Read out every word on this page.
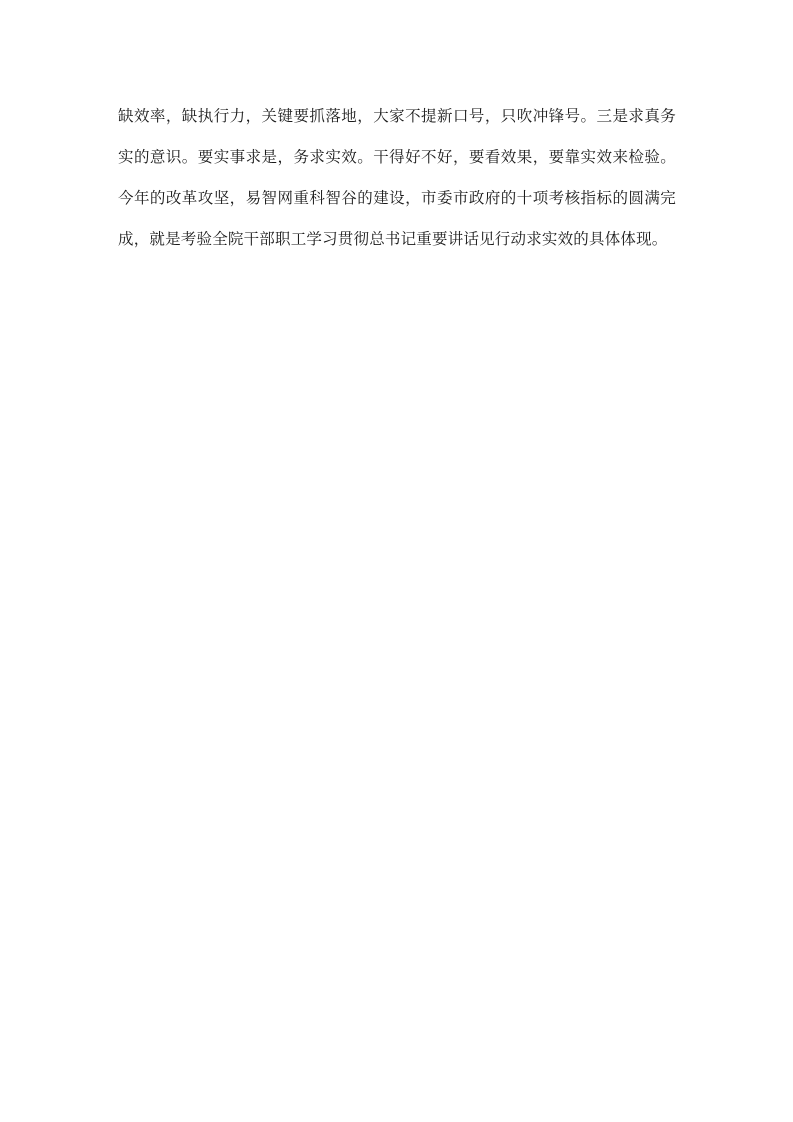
缺效率，缺执行力，关键要抓落地，大家不提新口号，只吹冲锋号。三是求真务实的意识。要实事求是，务求实效。干得好不好，要看效果，要靠实效来检验。今年的改革攻坚，易智网重科智谷的建设，市委市政府的十项考核指标的圆满完成，就是考验全院干部职工学习贯彻总书记重要讲话见行动求实效的具体体现。
